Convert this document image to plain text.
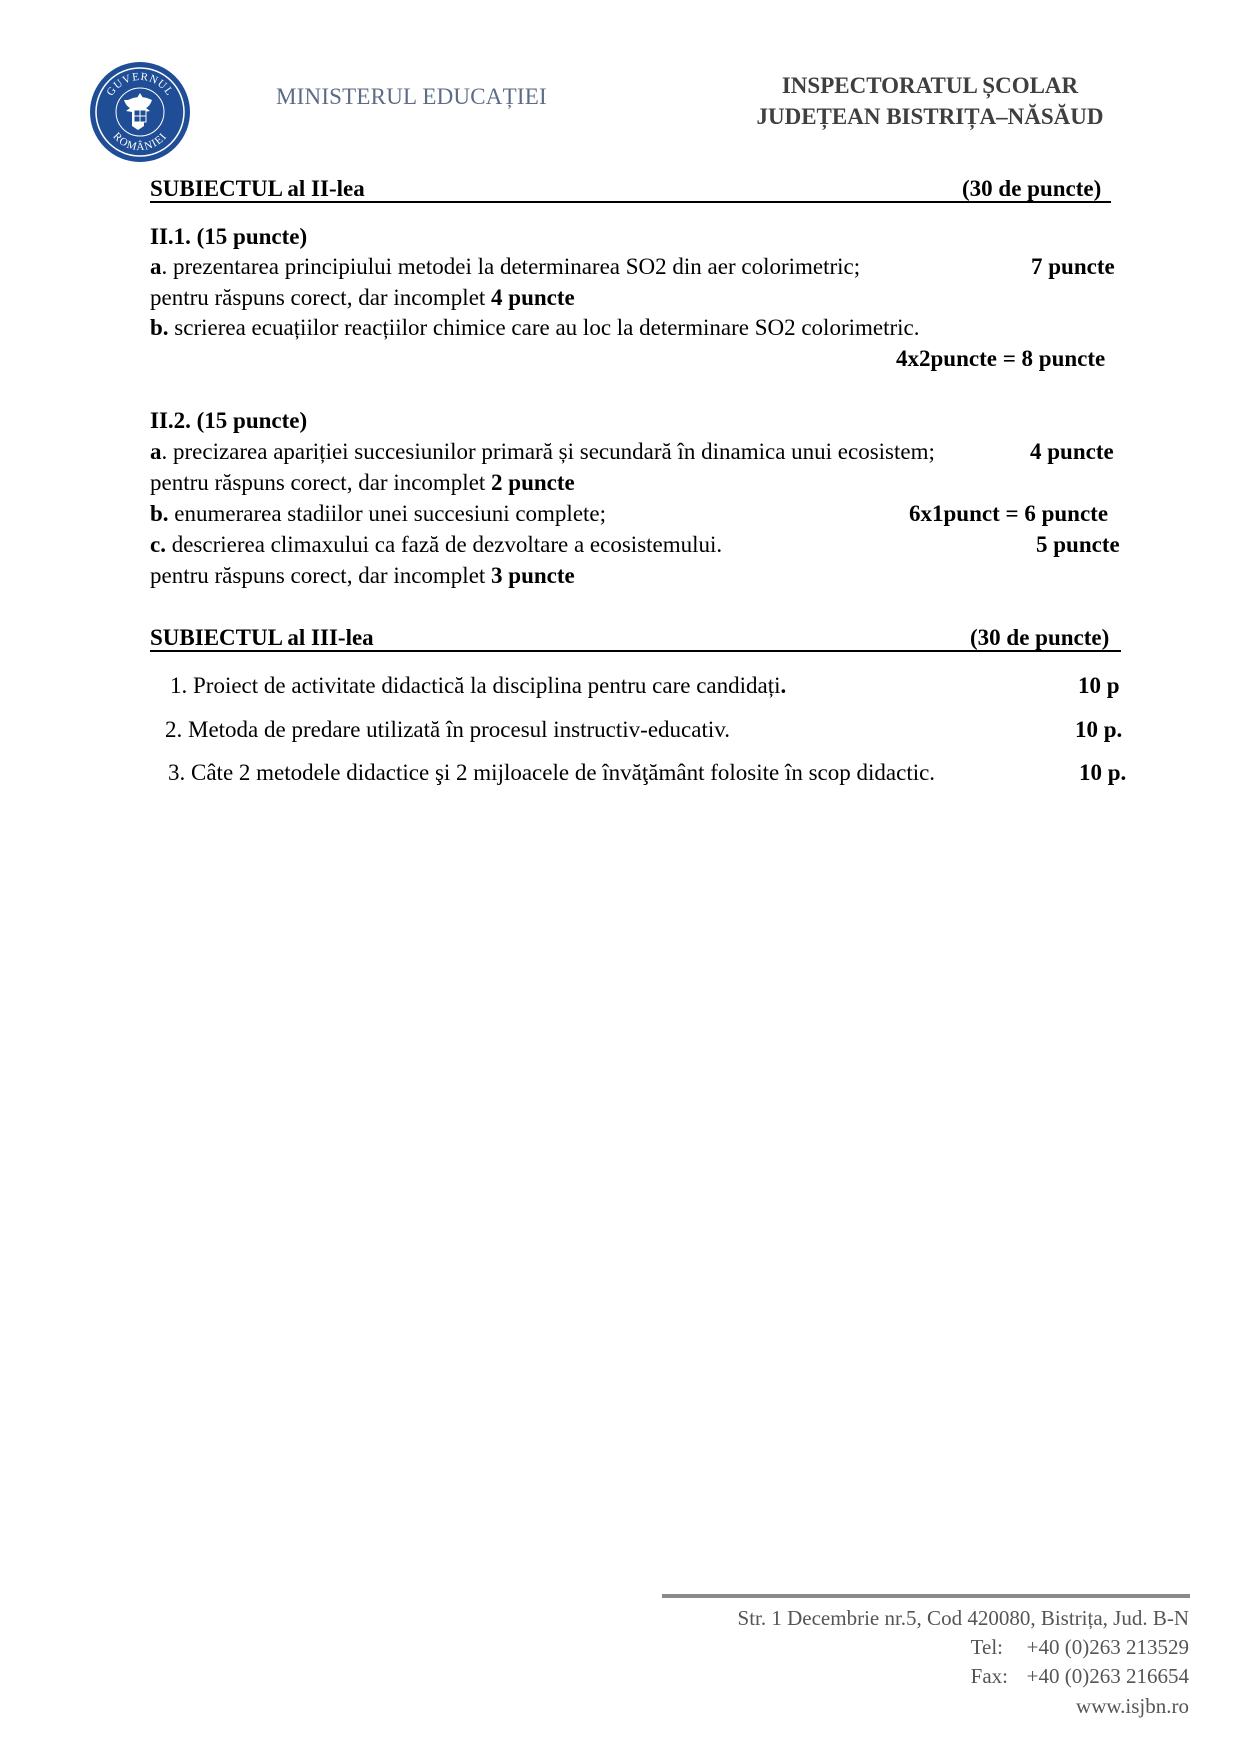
GUVERNUL
ROMÂNIEI
MINISTERUL EDUCAȚIEI	INSPECTORATUL ȘCOLAR
JUDEȚEAN BISTRIȚA–NĂSĂUD
SUBIECTUL al II-lea	(30 de puncte)
II.1. (15 puncte)
a. prezentarea principiului metodei la determinarea SO2 din aer colorimetric;	7 puncte
pentru răspuns corect, dar incomplet 4 puncte
b. scrierea ecuațiilor reacțiilor chimice care au loc la determinare SO2 colorimetric.
4x2puncte = 8 puncte
II.2. (15 puncte)
a. precizarea apariției succesiunilor primară și secundară în dinamica unui ecosistem;	4 puncte
pentru răspuns corect, dar incomplet 2 puncte
b. enumerarea stadiilor unei succesiuni complete;	6x1punct = 6 puncte
c. descrierea climaxului ca fază de dezvoltare a ecosistemului.	5 puncte
pentru răspuns corect, dar incomplet 3 puncte
SUBIECTUL al III-lea	(30 de puncte)
1. Proiect de activitate didactică la disciplina pentru care candidați.	10 p
2. Metoda de predare utilizată în procesul instructiv-educativ.	10 p.
3. Câte 2 metodele didactice şi 2 mijloacele de învăţământ folosite în scop didactic.	10 p.
Str. 1 Decembrie nr.5, Cod 420080, Bistrița, Jud. B-N
Tel: +40 (0)263 213529
Fax: +40 (0)263 216654
www.isjbn.ro
